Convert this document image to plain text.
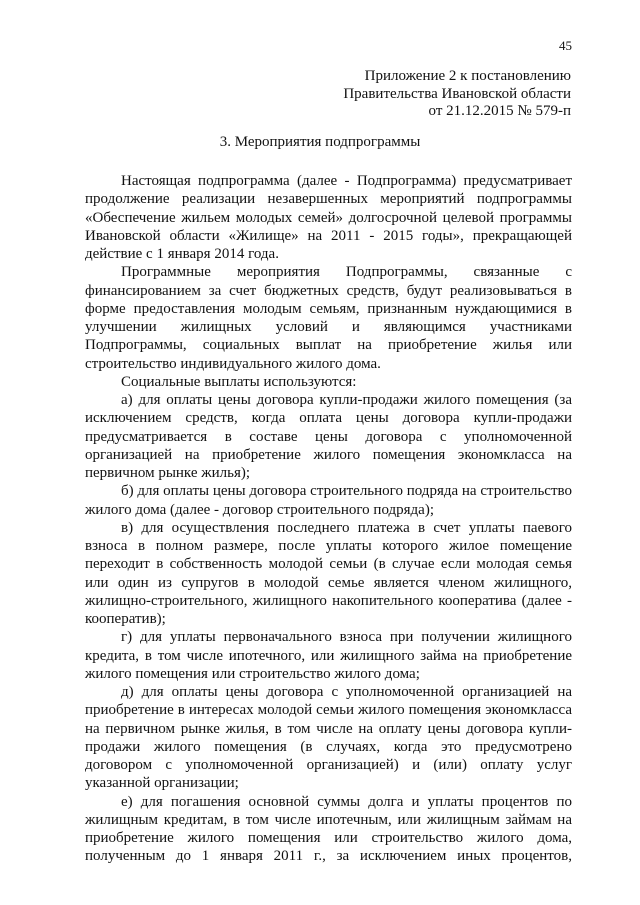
45
Приложение 2 к постановлению
Правительства Ивановской области
от 21.12.2015 № 579-п
3. Мероприятия подпрограммы

Настоящая подпрограмма (далее - Подпрограмма) предусматривает продолжение реализации незавершенных мероприятий подпрограммы «Обеспечение жильем молодых семей» долгосрочной целевой программы Ивановской области «Жилище» на 2011 - 2015 годы», прекращающей действие с 1 января 2014 года.

Программные мероприятия Подпрограммы, связанные с финансированием за счет бюджетных средств, будут реализовываться в форме предоставления молодым семьям, признанным нуждающимися в улучшении жилищных условий и являющимся участниками Подпрограммы, социальных выплат на приобретение жилья или строительство индивидуального жилого дома.

Социальные выплаты используются:

а) для оплаты цены договора купли-продажи жилого помещения (за исключением средств, когда оплата цены договора купли-продажи предусматривается в составе цены договора с уполномоченной организацией на приобретение жилого помещения экономкласса на первичном рынке жилья);

б) для оплаты цены договора строительного подряда на строительство жилого дома (далее - договор строительного подряда);

в) для осуществления последнего платежа в счет уплаты паевого взноса в полном размере, после уплаты которого жилое помещение переходит в собственность молодой семьи (в случае если молодая семья или один из супругов в молодой семье является членом жилищного, жилищно-строительного, жилищного накопительного кооператива (далее - кооператив);

г) для уплаты первоначального взноса при получении жилищного кредита, в том числе ипотечного, или жилищного займа на приобретение жилого помещения или строительство жилого дома;

д) для оплаты цены договора с уполномоченной организацией на приобретение в интересах молодой семьи жилого помещения экономкласса на первичном рынке жилья, в том числе на оплату цены договора купли-продажи жилого помещения (в случаях, когда это предусмотрено договором с уполномоченной организацией) и (или) оплату услуг указанной организации;

е) для погашения основной суммы долга и уплаты процентов по жилищным кредитам, в том числе ипотечным, или жилищным займам на приобретение жилого помещения или строительство жилого дома, полученным до 1 января 2011 г., за исключением иных процентов,
